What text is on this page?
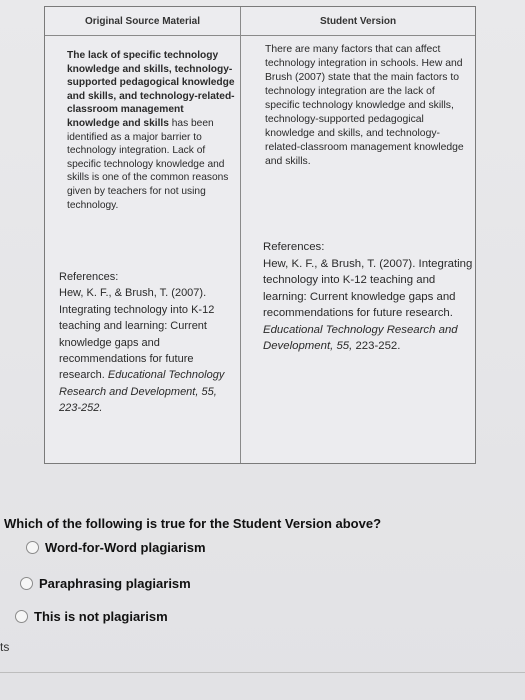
Original Source Material
The lack of specific technology knowledge and skills, technology-supported pedagogical knowledge and skills, and technology-related-classroom management knowledge and skills has been identified as a major barrier to technology integration. Lack of specific technology knowledge and skills is one of the common reasons given by teachers for not using technology.
References:
Hew, K. F., & Brush, T. (2007). Integrating technology into K-12 teaching and learning: Current knowledge gaps and recommendations for future research. Educational Technology Research and Development, 55, 223-252.
Student Version
There are many factors that can affect technology integration in schools. Hew and Brush (2007) state that the main factors to technology integration are the lack of specific technology knowledge and skills, technology-supported pedagogical knowledge and skills, and technology-related-classroom management knowledge and skills.
References:
Hew, K. F., & Brush, T. (2007). Integrating technology into K-12 teaching and learning: Current knowledge gaps and recommendations for future research. Educational Technology Research and Development, 55, 223-252.
Which of the following is true for the Student Version above?
Word-for-Word plagiarism
Paraphrasing plagiarism
This is not plagiarism
ts
